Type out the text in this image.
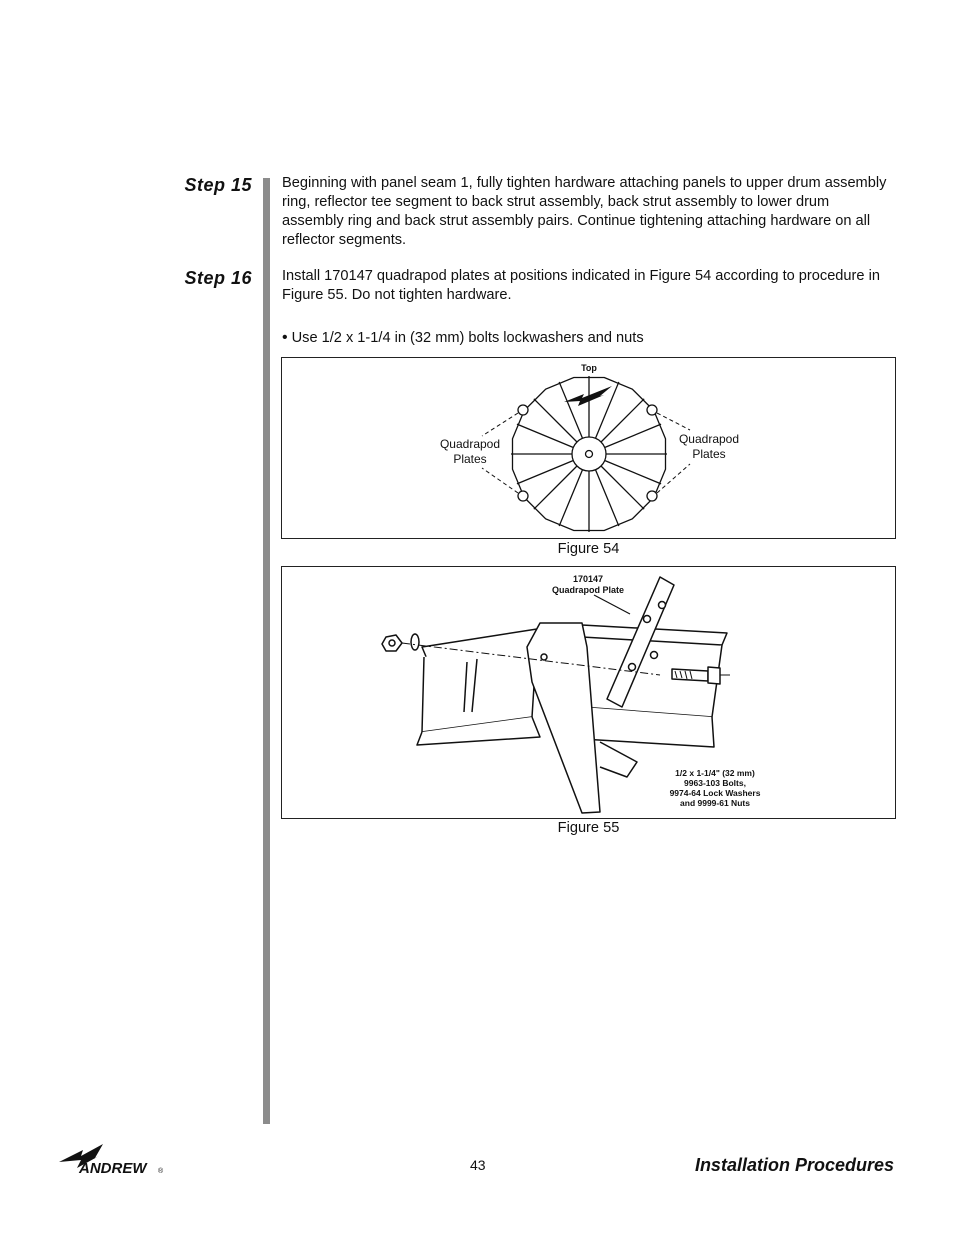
Step 15
Step 16
Beginning with panel seam 1, fully tighten hardware attaching panels to upper drum assembly ring, reflector tee segment to back strut assembly, back strut assembly to lower drum assembly ring and back strut assembly pairs. Continue tightening attaching hardware on all reflector segments.
Install 170147 quadrapod plates at positions indicated in Figure 54 according to procedure in Figure 55. Do not tighten hardware.
• Use 1/2 x 1-1/4 in (32 mm) bolts lockwashers and nuts
Top
Quadrapod
Plates
Quadrapod
Plates
Figure 54
170147
Quadrapod Plate
1/2 x 1-1/4" (32 mm)
9963-103 Bolts,
9974-64 Lock Washers
and 9999-61 Nuts
Figure 55
ANDREW ®	43	Installation Procedures
